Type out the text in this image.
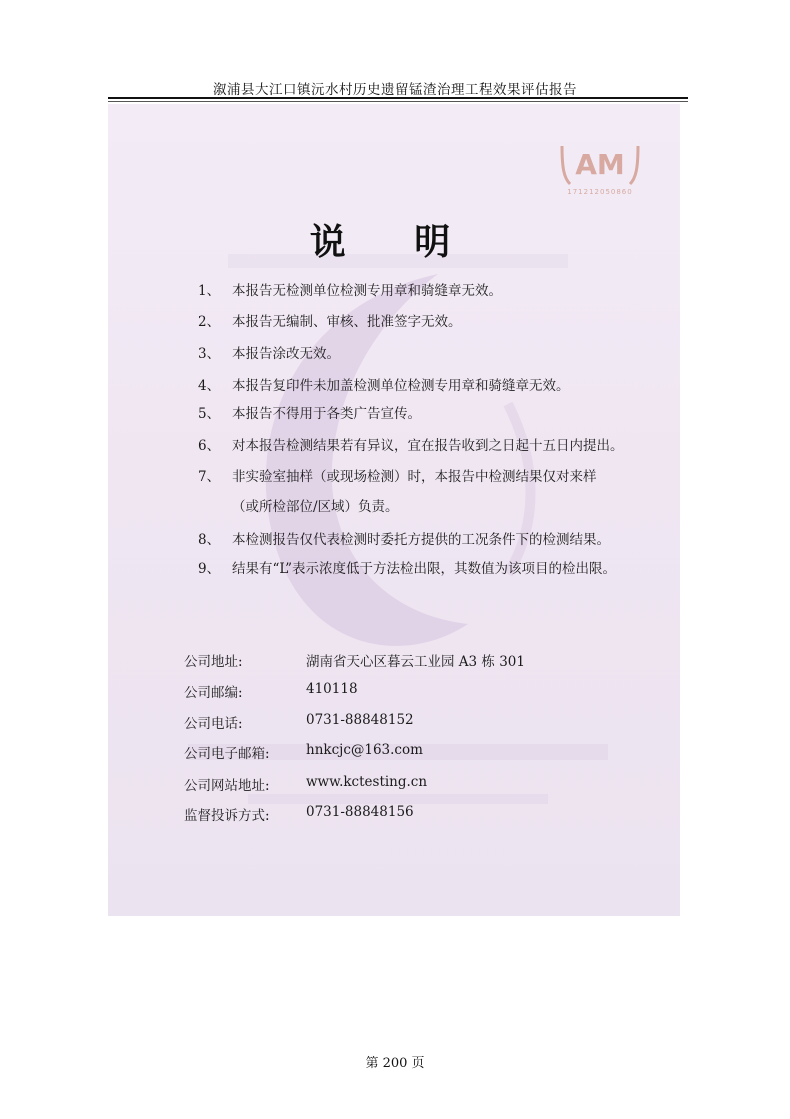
溆浦县大江口镇沅水村历史遗留锰渣治理工程效果评估报告
AM
171212050860
说 明
1、 本报告无检测单位检测专用章和骑缝章无效。
2、 本报告无编制、审核、批准签字无效。
3、 本报告涂改无效。
4、 本报告复印件未加盖检测单位检测专用章和骑缝章无效。
5、 本报告不得用于各类广告宣传。
6、 对本报告检测结果若有异议，宜在报告收到之日起十五日内提出。
7、 非实验室抽样（或现场检测）时，本报告中检测结果仅对来样
（或所检部位/区域）负责。
8、 本检测报告仅代表检测时委托方提供的工况条件下的检测结果。
9、 结果有“L”表示浓度低于方法检出限，其数值为该项目的检出限。
公司地址:	湖南省天心区暮云工业园 A3 栋 301
公司邮编:	410118
公司电话:	0731-88848152
公司电子邮箱:	hnkcjc@163.com
公司网站地址:	www.kctesting.cn
监督投诉方式:	0731-88848156
第 200 页
